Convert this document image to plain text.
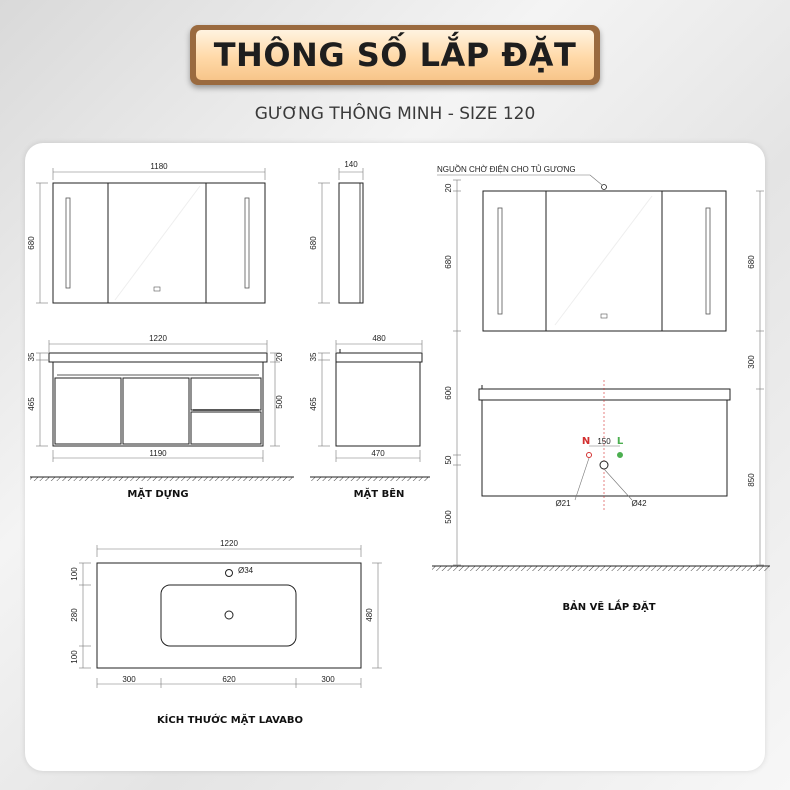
THÔNG SỐ LẮP ĐẶT
GƯƠNG THÔNG MINH - SIZE 120
1180
680
1220
35
465
20
500
1190
MẶT DỰNG
140
680
480
35
465
470
MẶT BÊN
NGUỒN CHỜ ĐIỆN CHO TỦ GƯƠNG
20
680
600
50
500
680
300
850
150
N	L
Ø21	Ø42
BẢN VẼ LẮP ĐẶT
1220
100
280
100
480
Ø34
300	620	300
KÍCH THƯỚC MẶT LAVABO
